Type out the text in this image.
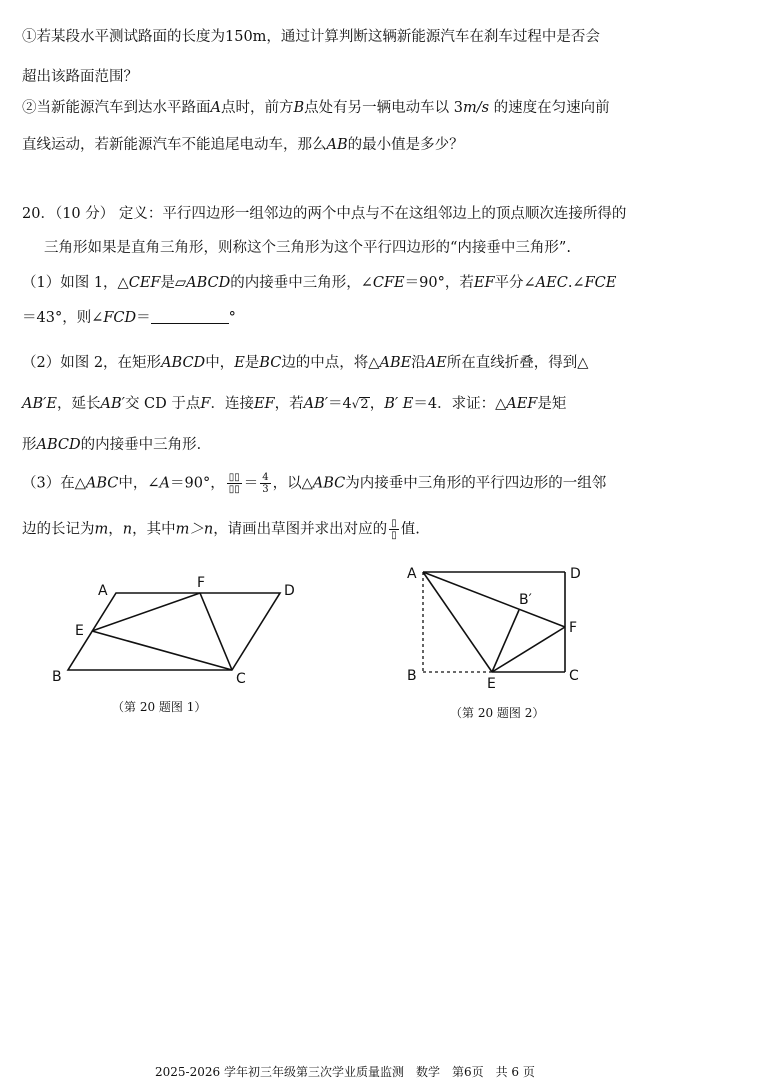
①若某段水平测试路面的长度为150m，通过计算判断这辆新能源汽车在刹车过程中是否会
超出该路面范围？
②当新能源汽车到达水平路面A点时，前方B点处有另一辆电动车以 3m/s 的速度在匀速向前
直线运动，若新能源汽车不能追尾电动车，那么AB的最小值是多少？
20．（10 分） 定义：平行四边形一组邻边的两个中点与不在这组邻边上的顶点顺次连接所得的
三角形如果是直角三角形，则称这个三角形为这个平行四边形的“内接垂中三角形”.
（1）如图 1，△CEF是▱ABCD的内接垂中三角形，∠CFE＝90°，若EF平分∠AEC.∠FCE
＝43°，则∠FCD＝	°
（2）如图 2，在矩形ABCD中，E是BC边的中点，将△ABE沿AE所在直线折叠，得到△
AB′E，延长AB′交 CD 于点F．连接EF，若AB′＝4√2，B′ E＝4．求证：△AEF是矩
形ABCD的内接垂中三角形．
（3）在△ABC中，∠A＝90°， $\frac{▯▯}{▯▯} = \frac{4}{3}$ ，以△ABC为内接垂中三角形的平行四边形的一组邻
边的长记为m，n，其中m＞n，请画出草图并求出对应的 $\frac{▯}{▯}$ 值.
A	F	D
E
B	C
（第 20 题图 1）
A	D
B′
F
B	E	C
（第 20 题图 2）
2025-2026 学年初三年级第三次学业质量监测　数学　第6页　共 6 页
